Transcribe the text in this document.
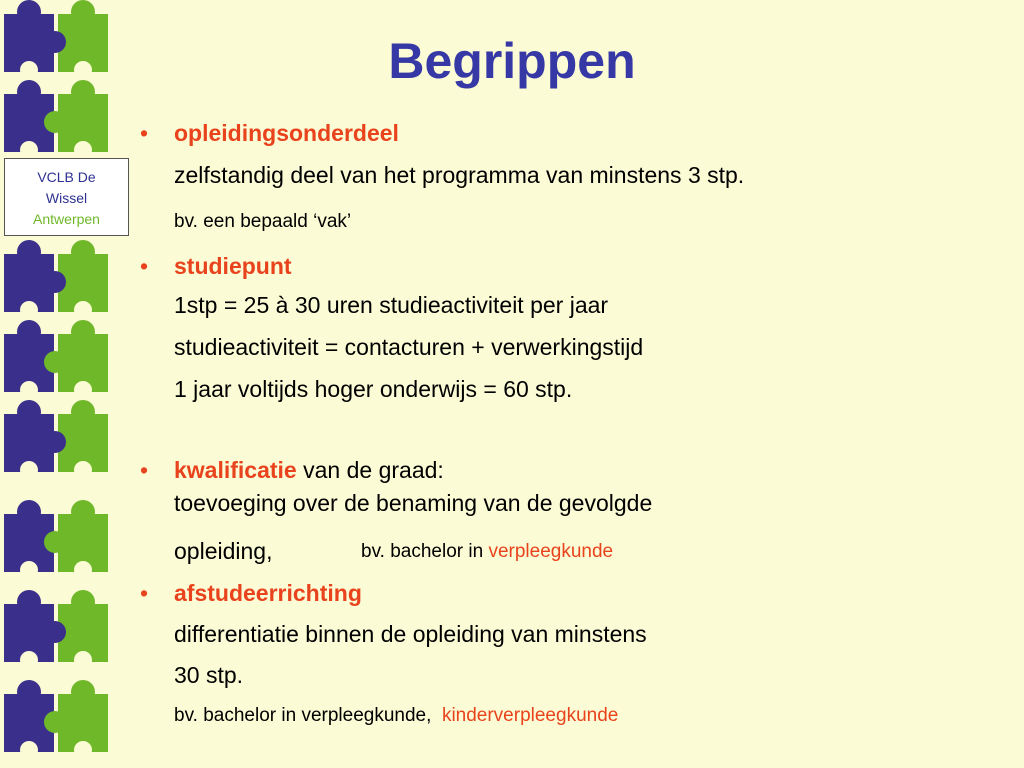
VCLB De
Wissel
Antwerpen
Begrippen
• opleidingsonderdeel
zelfstandig deel van het programma van minstens 3 stp.
bv. een bepaald ‘vak’
• studiepunt
1stp = 25 à 30 uren studieactiviteit per jaar
studieactiviteit = contacturen + verwerkingstijd
1 jaar voltijds hoger onderwijs = 60 stp.
• kwalificatie van de graad:
toevoeging over de benaming van de gevolgde
opleiding,	bv. bachelor in verpleegkunde
• afstudeerrichting
differentiatie binnen de opleiding van minstens
30 stp.
bv. bachelor in verpleegkunde, kinderverpleegkunde
